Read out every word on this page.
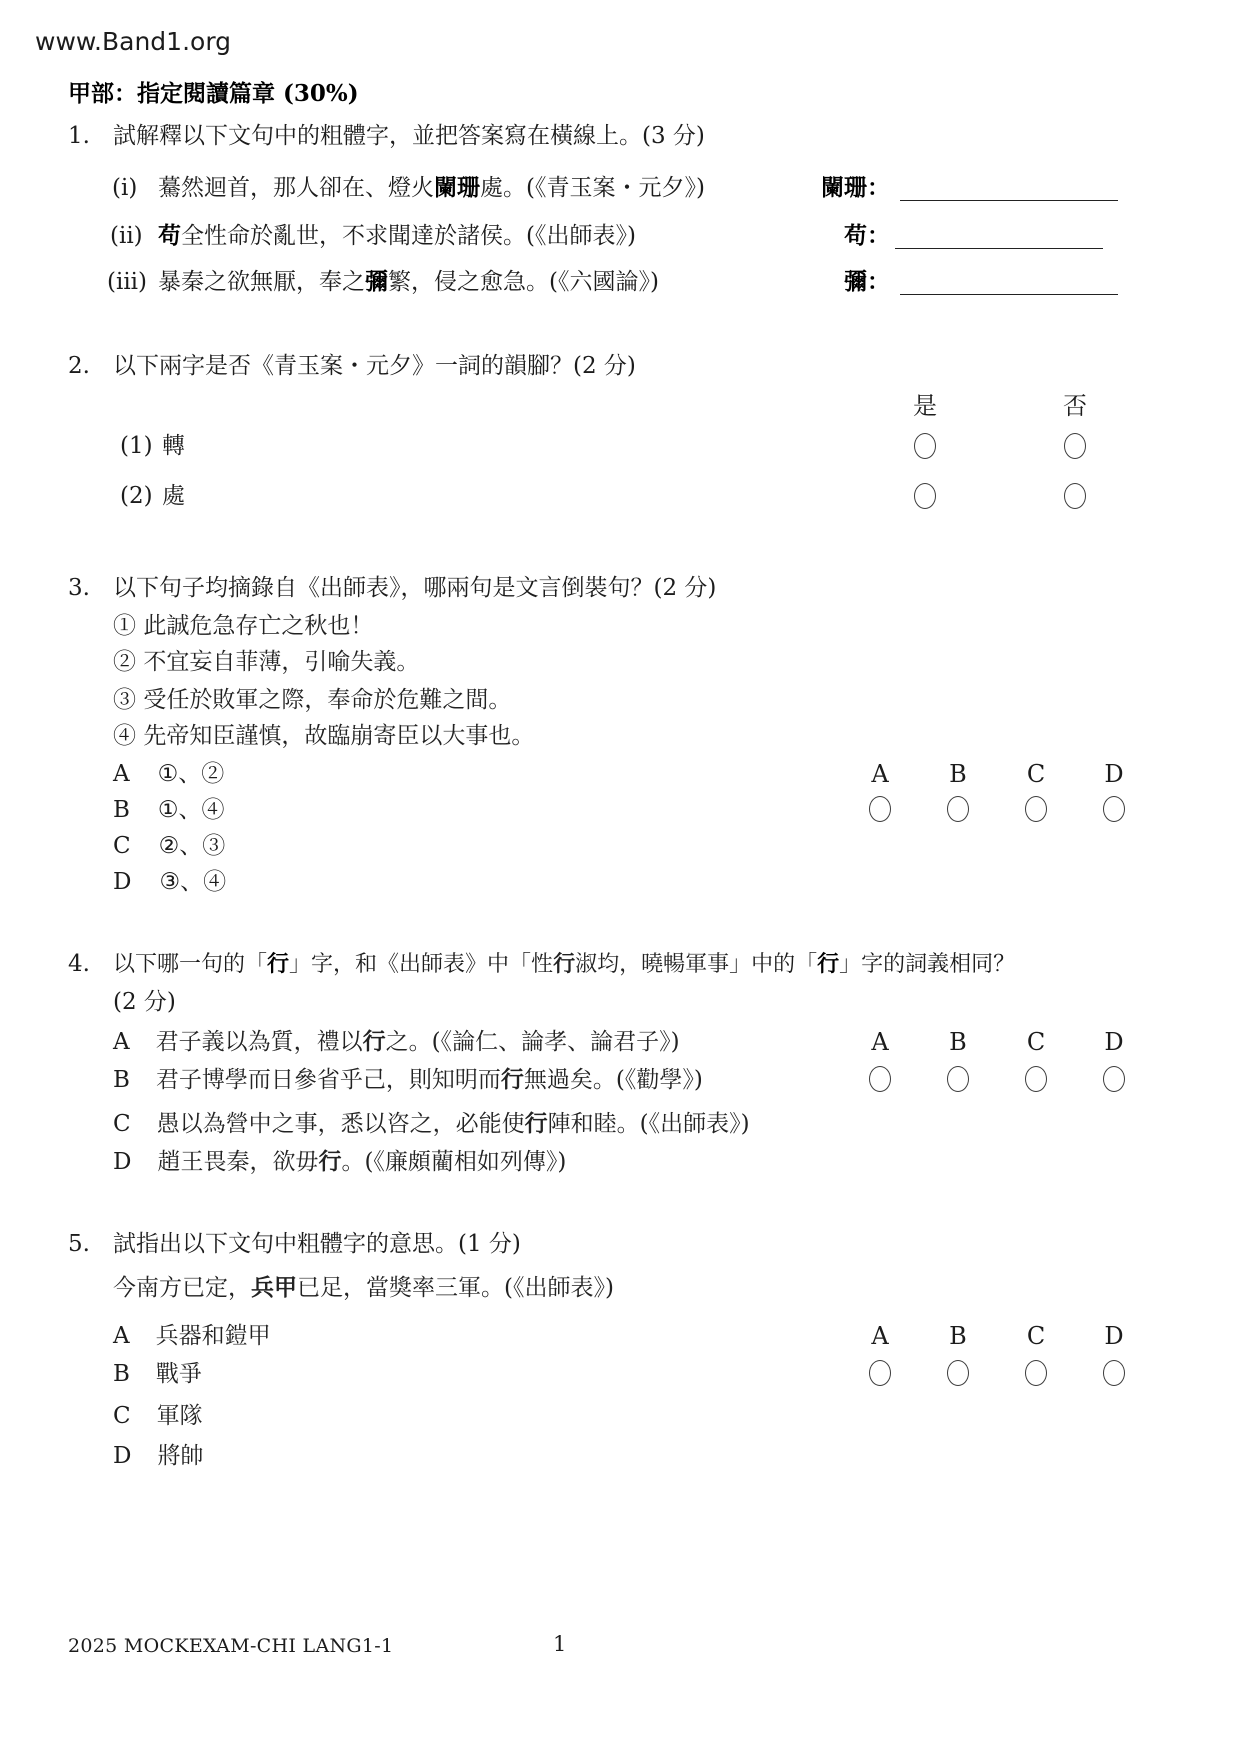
www.Band1.org
甲部：指定閱讀篇章 (30%)
1. 試解釋以下文句中的粗體字，並把答案寫在橫線上。(3 分)
(i) 驀然迴首，那人卻在、燈火闌珊處。(《青玉案・元夕》)	闌珊：
(ii) 苟全性命於亂世，不求聞達於諸侯。(《出師表》)	苟：
(iii) 暴秦之欲無厭，奉之彌繁，侵之愈急。(《六國論》)	彌：
2. 以下兩字是否《青玉案・元夕》一詞的韻腳？(2 分)
是	否
(1) 轉
(2) 處
3. 以下句子均摘錄自《出師表》，哪兩句是文言倒裝句？(2 分)
① 此誠危急存亡之秋也！
② 不宜妄自菲薄，引喻失義。
③ 受任於敗軍之際，奉命於危難之間。
④ 先帝知臣謹慎，故臨崩寄臣以大事也。
A ①、②
B ①、④
C ②、③
D ③、④
A	B	C	D
4. 以下哪一句的「行」字，和《出師表》中「性行淑均，曉暢軍事」中的「行」字的詞義相同？
(2 分)
A 君子義以為質，禮以行之。(《論仁、論孝、論君子》)
B 君子博學而日參省乎己，則知明而行無過矣。(《勸學》)
C 愚以為營中之事，悉以咨之，必能使行陣和睦。(《出師表》)
D 趙王畏秦，欲毋行。(《廉頗藺相如列傳》)
A	B	C	D
5. 試指出以下文句中粗體字的意思。(1 分)
今南方已定，兵甲已足，當獎率三軍。(《出師表》)
A 兵器和鎧甲
B 戰爭
C 軍隊
D 將帥
A	B	C	D
2025 MOCKEXAM-CHI LANG1-1	1
